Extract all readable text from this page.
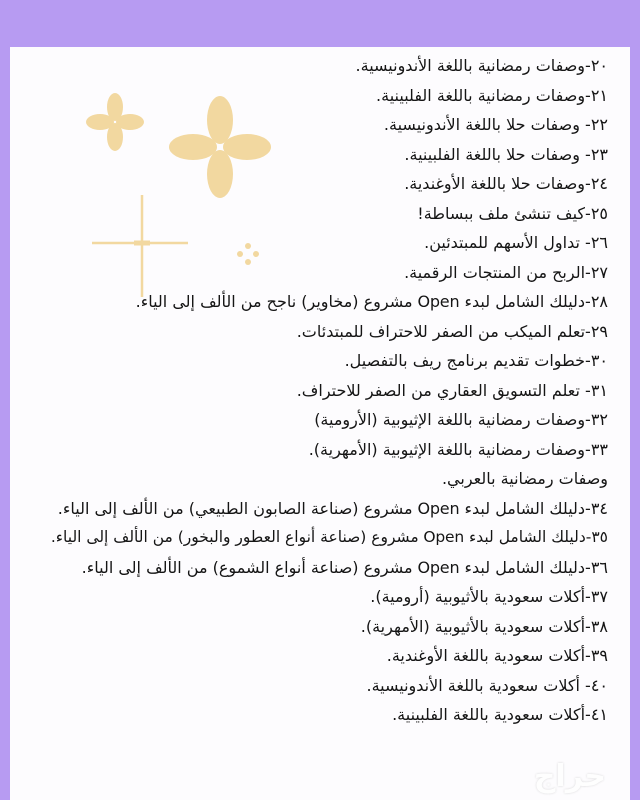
٢٠-وصفات رمضانية باللغة الأندونيسية.
٢١-وصفات رمضانية باللغة الفلبينية.
٢٢- وصفات حلا باللغة الأندونيسية.
٢٣- وصفات حلا باللغة الفلبينية.
٢٤-وصفات حلا باللغة الأوغندية.
٢٥-كيف تنشئ ملف ببساطة!
٢٦- تداول الأسهم للمبتدئين.
٢٧-الربح من المنتجات الرقمية.
٢٨-دليلك الشامل لبدء Open مشروع (مخاوير) ناجح من الألف إلى الياء.
٢٩-تعلم الميكب من الصفر للاحتراف للمبتدئات.
٣٠-خطوات تقديم برنامج ريف بالتفصيل.
٣١- تعلم التسويق العقاري من الصفر للاحتراف.
٣٢-وصفات رمضانية باللغة الإثيوبية (الأرومية)
٣٣-وصفات رمضانية باللغة الإثيوبية (الأمهرية).
وصفات رمضانية بالعربي.
٣٤-دليلك الشامل لبدء Open مشروع (صناعة الصابون الطبيعي) من الألف إلى الياء.
٣٥-دليلك الشامل لبدء Open مشروع (صناعة أنواع العطور والبخور) من الألف إلى الياء.
٣٦-دليلك الشامل لبدء Open مشروع (صناعة أنواع الشموع) من الألف إلى الياء.
٣٧-أكلات سعودية بالأثيوبية (أرومية).
٣٨-أكلات سعودية بالأثيوبية (الأمهرية).
٣٩-أكلات سعودية باللغة الأوغندية.
٤٠- أكلات سعودية باللغة الأندونيسية.
٤١-أكلات سعودية باللغة الفلبينية.
حراج
